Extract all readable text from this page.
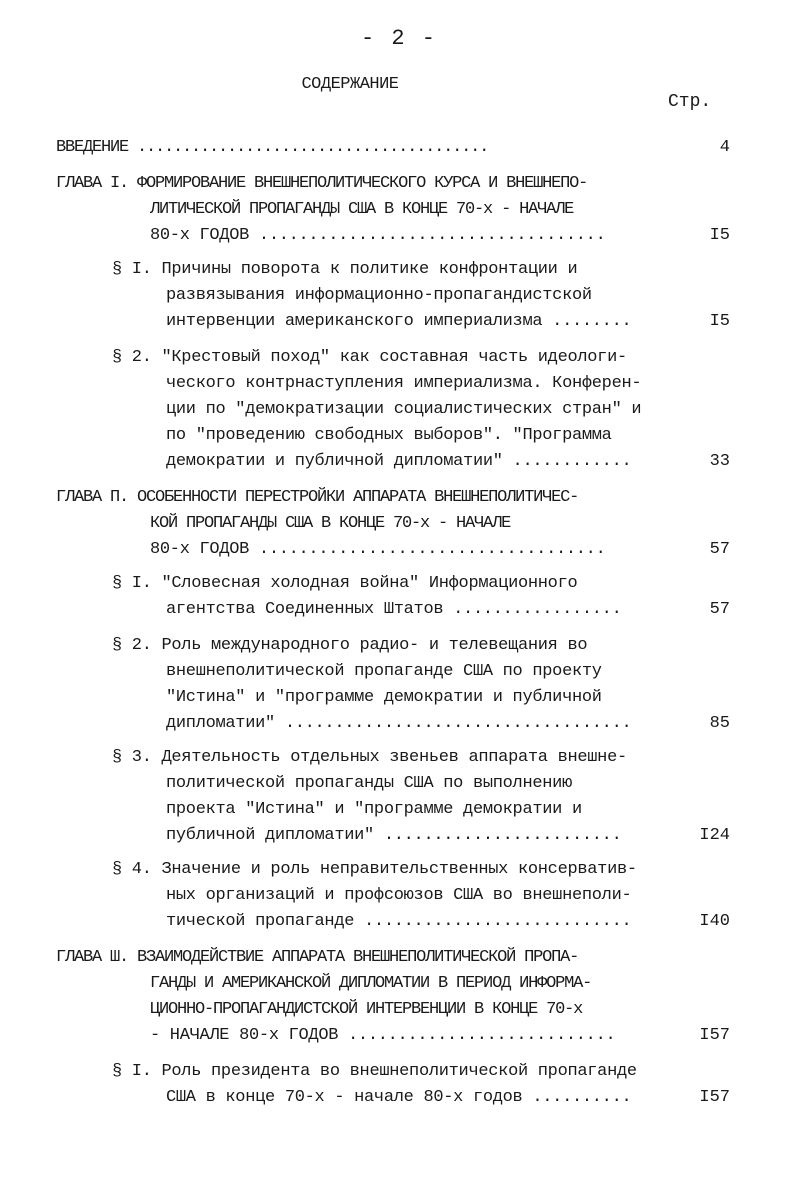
- 2 -
СОДЕРЖАНИЕ
Стр.
ВВЕДЕНИЕ .......................................	4
ГЛАВА I. ФОРМИРОВАНИЕ ВНЕШНЕПОЛИТИЧЕСКОГО КУРСА И ВНЕШНЕПО-
ЛИТИЧЕСКОЙ ПРОПАГАНДЫ США В КОНЦЕ 70-х - НАЧАЛЕ
80-х ГОДОВ ...................................	I5
§ I. Причины поворота к политике конфронтации и
развязывания информационно-пропагандистской
интервенции американского империализма ........	I5
§ 2. "Крестовый поход" как составная часть идеологи-
ческого контрнаступления империализма. Конферен-
ции по "демократизации социалистических стран" и
по "проведению свободных выборов". "Программа
демократии и публичной дипломатии" ............	33
ГЛАВА П. ОСОБЕННОСТИ ПЕРЕСТРОЙКИ АППАРАТА ВНЕШНЕПОЛИТИЧЕС-
КОЙ ПРОПАГАНДЫ США В КОНЦЕ 70-х - НАЧАЛЕ
80-х ГОДОВ ...................................	57
§ I. "Словесная холодная война" Информационного
агентства Соединенных Штатов .................	57
§ 2. Роль международного радио- и телевещания во
внешнеполитической пропаганде США по проекту
"Истина" и "программе демократии и публичной
дипломатии" ...................................	85
§ 3. Деятельность отдельных звеньев аппарата внешне-
политической пропаганды США по выполнению
проекта "Истина" и "программе демократии и
публичной дипломатии" ........................	I24
§ 4. Значение и роль неправительственных консерватив-
ных организаций и профсоюзов США во внешнеполи-
тической пропаганде ...........................	I40
ГЛАВА Ш. ВЗАИМОДЕЙСТВИЕ АППАРАТА ВНЕШНЕПОЛИТИЧЕСКОЙ ПРОПА-
ГАНДЫ И АМЕРИКАНСКОЙ ДИПЛОМАТИИ В ПЕРИОД ИНФОРМА-
ЦИОННО-ПРОПАГАНДИСТСКОЙ ИНТЕРВЕНЦИИ В КОНЦЕ 70-х
- НАЧАЛЕ 80-х ГОДОВ ...........................	I57
§ I. Роль президента во внешнеполитической пропаганде
США в конце 70-х - начале 80-х годов ..........	I57
